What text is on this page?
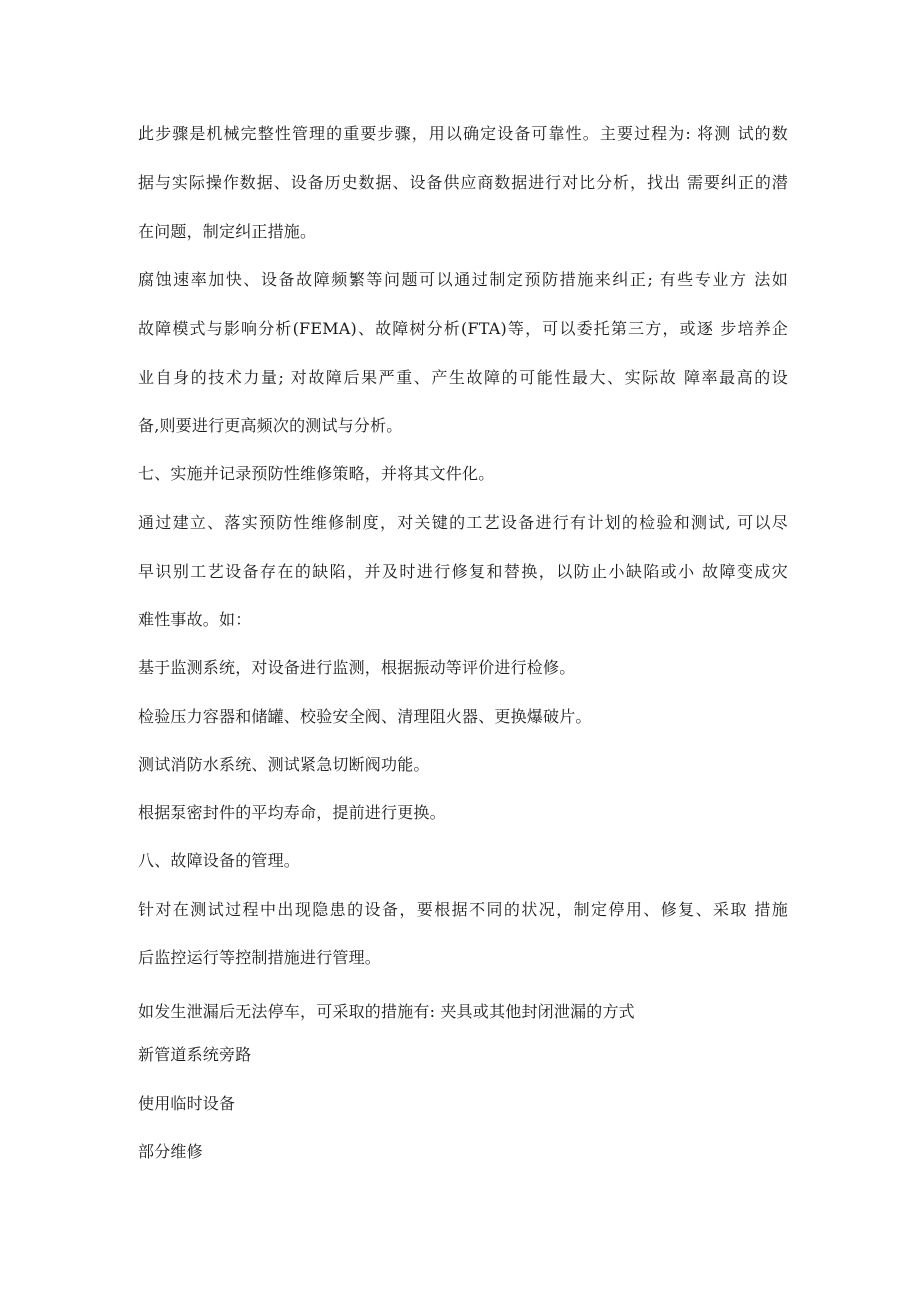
此步骤是机械完整性管理的重要步骤，用以确定设备可靠性。主要过程为: 将测 试的数
据与实际操作数据、设备历史数据、设备供应商数据进行对比分析，找出 需要纠正的潜
在问题，制定纠正措施。
腐蚀速率加快、设备故障频繁等问题可以通过制定预防措施来纠正; 有些专业方 法如
故障模式与影响分析(FEMA)、故障树分析(FTA)等，可以委托第三方，或逐 步培养企
业自身的技术力量; 对故障后果严重、产生故障的可能性最大、实际故 障率最高的设
备,则要进行更高频次的测试与分析。
七、实施并记录预防性维修策略，并将其文件化。
通过建立、落实预防性维修制度，对关键的工艺设备进行有计划的检验和测试, 可以尽
早识别工艺设备存在的缺陷，并及时进行修复和替换，以防止小缺陷或小 故障变成灾
难性事故。如：
基于监测系统，对设备进行监测，根据振动等评价进行检修。
检验压力容器和储罐、校验安全阀、清理阻火器、更换爆破片。
测试消防水系统、测试紧急切断阀功能。
根据泵密封件的平均寿命，提前进行更换。
八、故障设备的管理。
针对在测试过程中出现隐患的设备，要根据不同的状况，制定停用、修复、采取 措施
后监控运行等控制措施进行管理。
如发生泄漏后无法停车，可采取的措施有: 夹具或其他封闭泄漏的方式
新管道系统旁路
使用临时设备
部分维修
